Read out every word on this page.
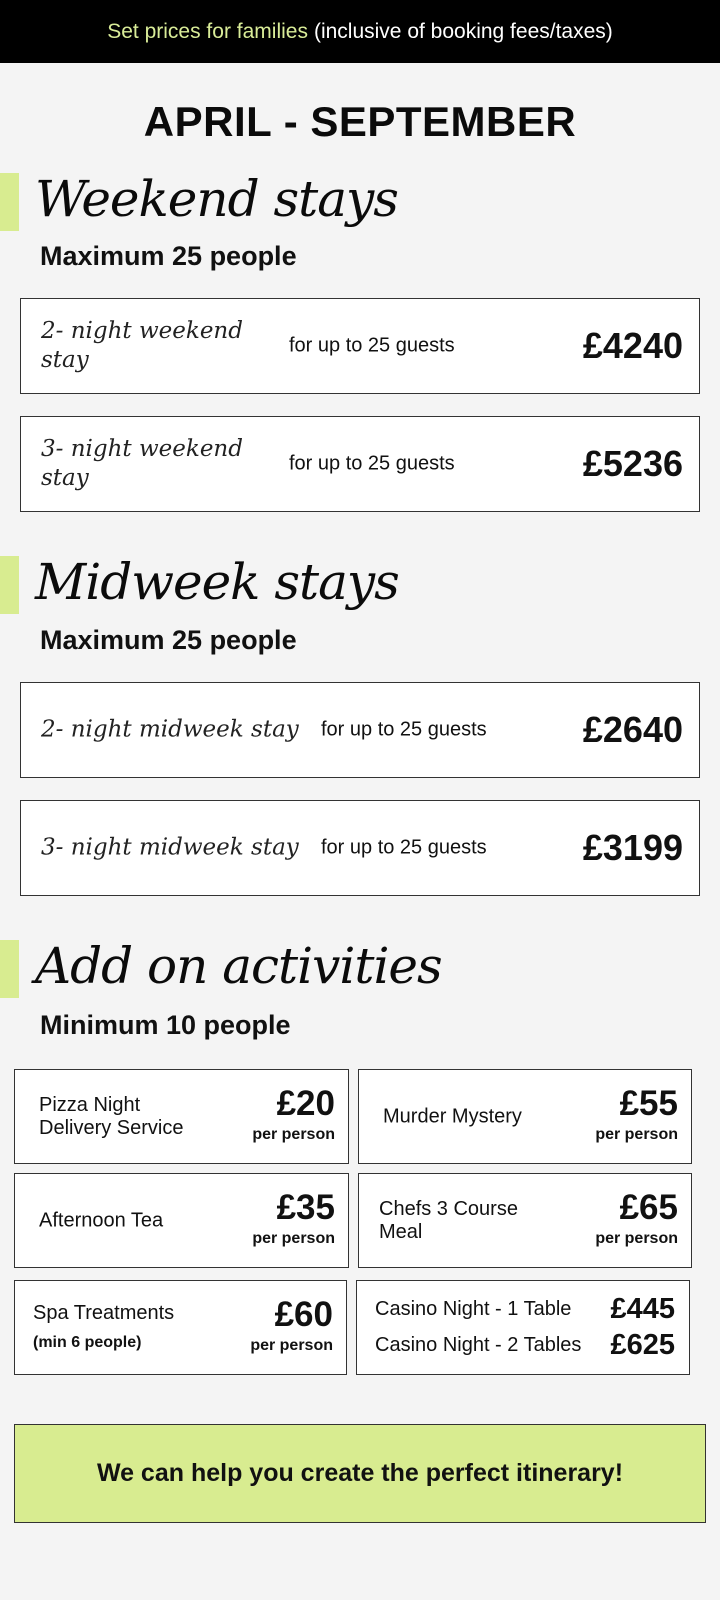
Set prices for families (inclusive of booking fees/taxes)
APRIL - SEPTEMBER
Weekend stays
Maximum 25 people
2- night weekend stay
for up to 25 guests	£4240
3- night weekend stay
for up to 25 guests	£5236
Midweek stays
Maximum 25 people
2- night midweek stay	for up to 25 guests	£2640
3- night midweek stay	for up to 25 guests	£3199
Add on activities
Minimum 10 people
Pizza Night Delivery Service
£20
per person
Murder Mystery	£55
per person
Afternoon Tea	£35
per person
Chefs 3 Course Meal
£65
per person
Spa Treatments
(min 6 people)
£60
per person
Casino Night - 1 Table £445
Casino Night - 2 Tables £625
We can help you create the perfect itinerary!
